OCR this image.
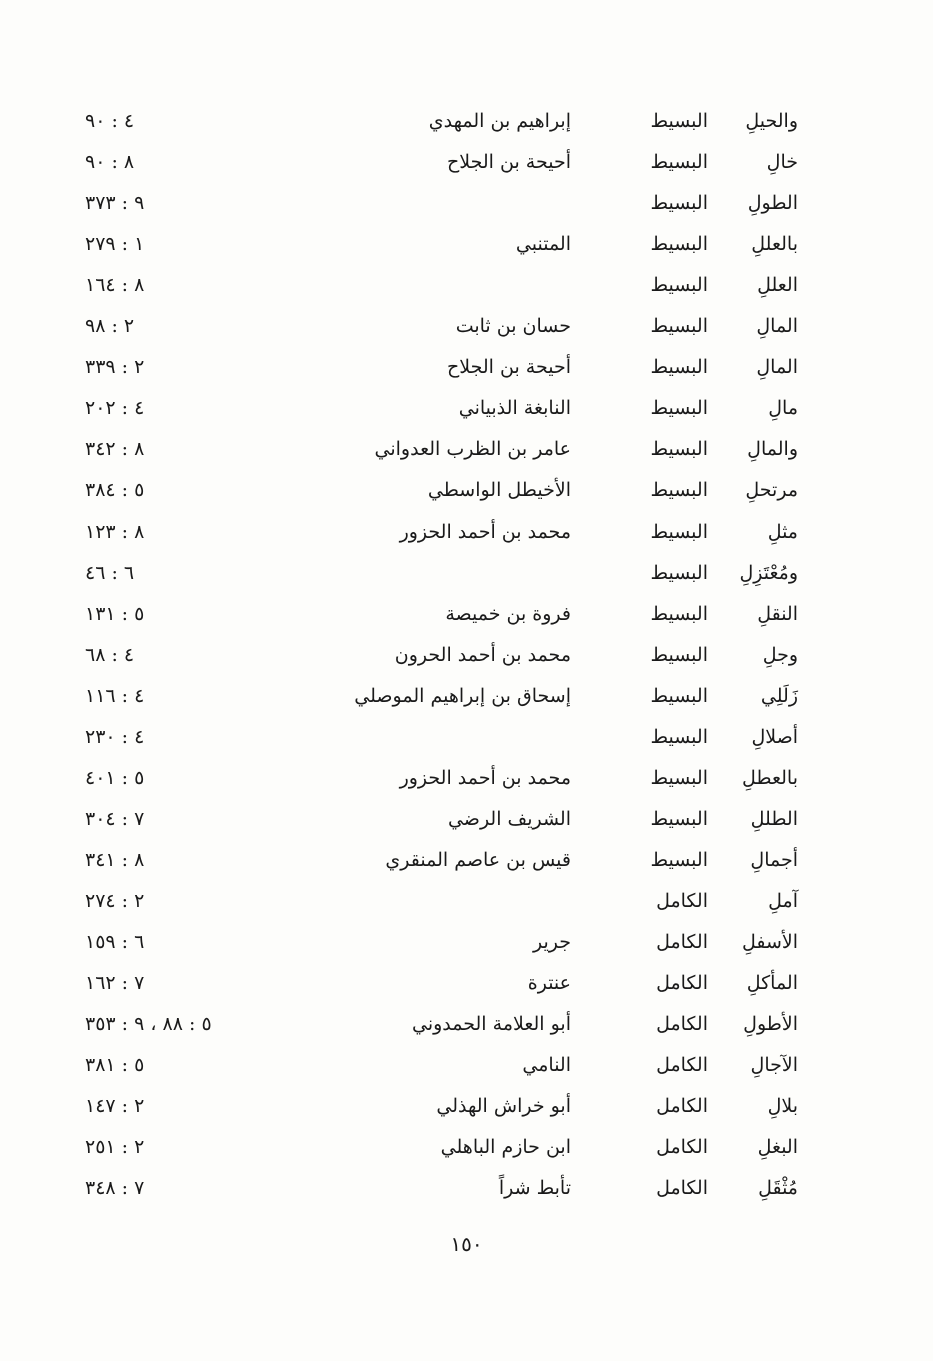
والحيلِ
البسيط
إبراهيم بن المهدي
٤ : ٩٠
خالِ
البسيط
أحيحة بن الجلاح
٨ : ٩٠
الطولِ
البسيط
٩ : ٣٧٣
بالعللِ
البسيط
المتنبي
١ : ٢٧٩
العللِ
البسيط
٨ : ١٦٤
المالِ
البسيط
حسان بن ثابت
٢ : ٩٨
المالِ
البسيط
أحيحة بن الجلاح
٢ : ٣٣٩
مالِ
البسيط
النابغة الذبياني
٤ : ٢٠٢
والمالِ
البسيط
عامر بن الظرب العدواني
٨ : ٣٤٢
مرتحلِ
البسيط
الأخيطل الواسطي
٥ : ٣٨٤
مثلِ
البسيط
محمد بن أحمد الحزور
٨ : ١٢٣
ومُعْتَزِلِ
البسيط
٦ : ٤٦
النقلِ
البسيط
فروة بن خميصة
٥ : ١٣١
وجلِ
البسيط
محمد بن أحمد الحرون
٤ : ٦٨
زَلَلِي
البسيط
إسحاق بن إبراهيم الموصلي
٤ : ١١٦
أصلالِ
البسيط
٤ : ٢٣٠
بالعطلِ
البسيط
محمد بن أحمد الحزور
٥ : ٤٠١
الطللِ
البسيط
الشريف الرضي
٧ : ٣٠٤
أجمالِ
البسيط
قيس بن عاصم المنقري
٨ : ٣٤١
آملِ
الكامل
٢ : ٢٧٤
الأسفلِ
الكامل
جرير
٦ : ١٥٩
المأكلِ
الكامل
عنترة
٧ : ١٦٢
الأطولِ
الكامل
أبو العلامة الحمدوني
٥ : ٨٨ ، ٩ : ٣٥٣
الآجالِ
الكامل
النامي
٥ : ٣٨١
بلالِ
الكامل
أبو خراش الهذلي
٢ : ١٤٧
البغلِ
الكامل
ابن حازم الباهلي
٢ : ٢٥١
مُثْقَلِ
الكامل
تأبط شراً
٧ : ٣٤٨
١٥٠
